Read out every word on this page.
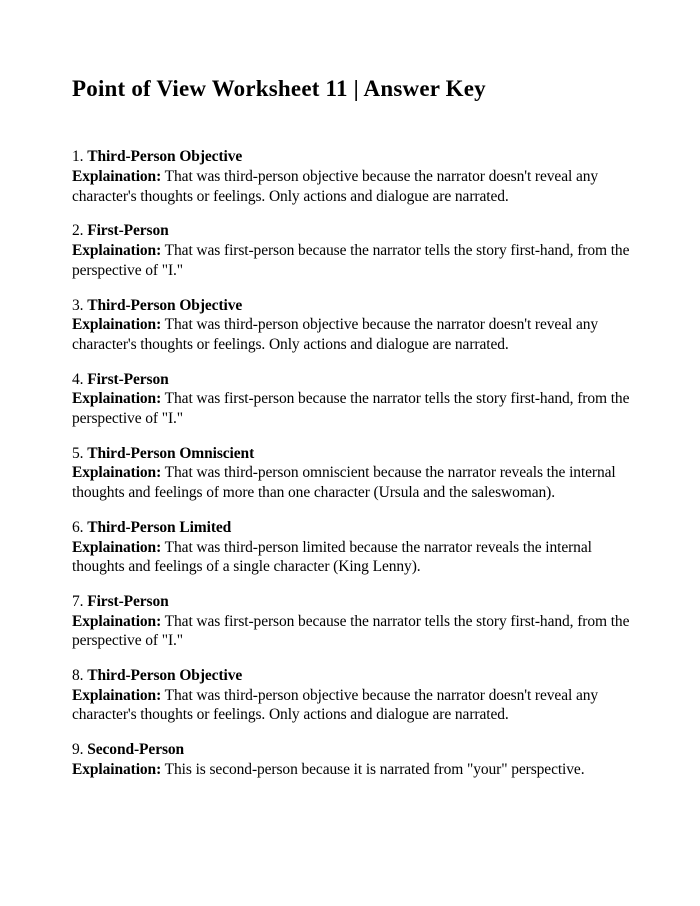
Point of View Worksheet 11 | Answer Key

1. Third-Person Objective

Explaination: That was third-person objective because the narrator doesn't reveal any character's thoughts or feelings. Only actions and dialogue are narrated.

2. First-Person

Explaination: That was first-person because the narrator tells the story first-hand, from the perspective of "I."

3. Third-Person Objective

Explaination: That was third-person objective because the narrator doesn't reveal any character's thoughts or feelings. Only actions and dialogue are narrated.

4. First-Person

Explaination: That was first-person because the narrator tells the story first-hand, from the perspective of "I."

5. Third-Person Omniscient

Explaination: That was third-person omniscient because the narrator reveals the internal thoughts and feelings of more than one character (Ursula and the saleswoman).

6. Third-Person Limited

Explaination: That was third-person limited because the narrator reveals the internal thoughts and feelings of a single character (King Lenny).

7. First-Person

Explaination: That was first-person because the narrator tells the story first-hand, from the perspective of "I."

8. Third-Person Objective

Explaination: That was third-person objective because the narrator doesn't reveal any character's thoughts or feelings. Only actions and dialogue are narrated.

9. Second-Person

Explaination: This is second-person because it is narrated from "your" perspective.
